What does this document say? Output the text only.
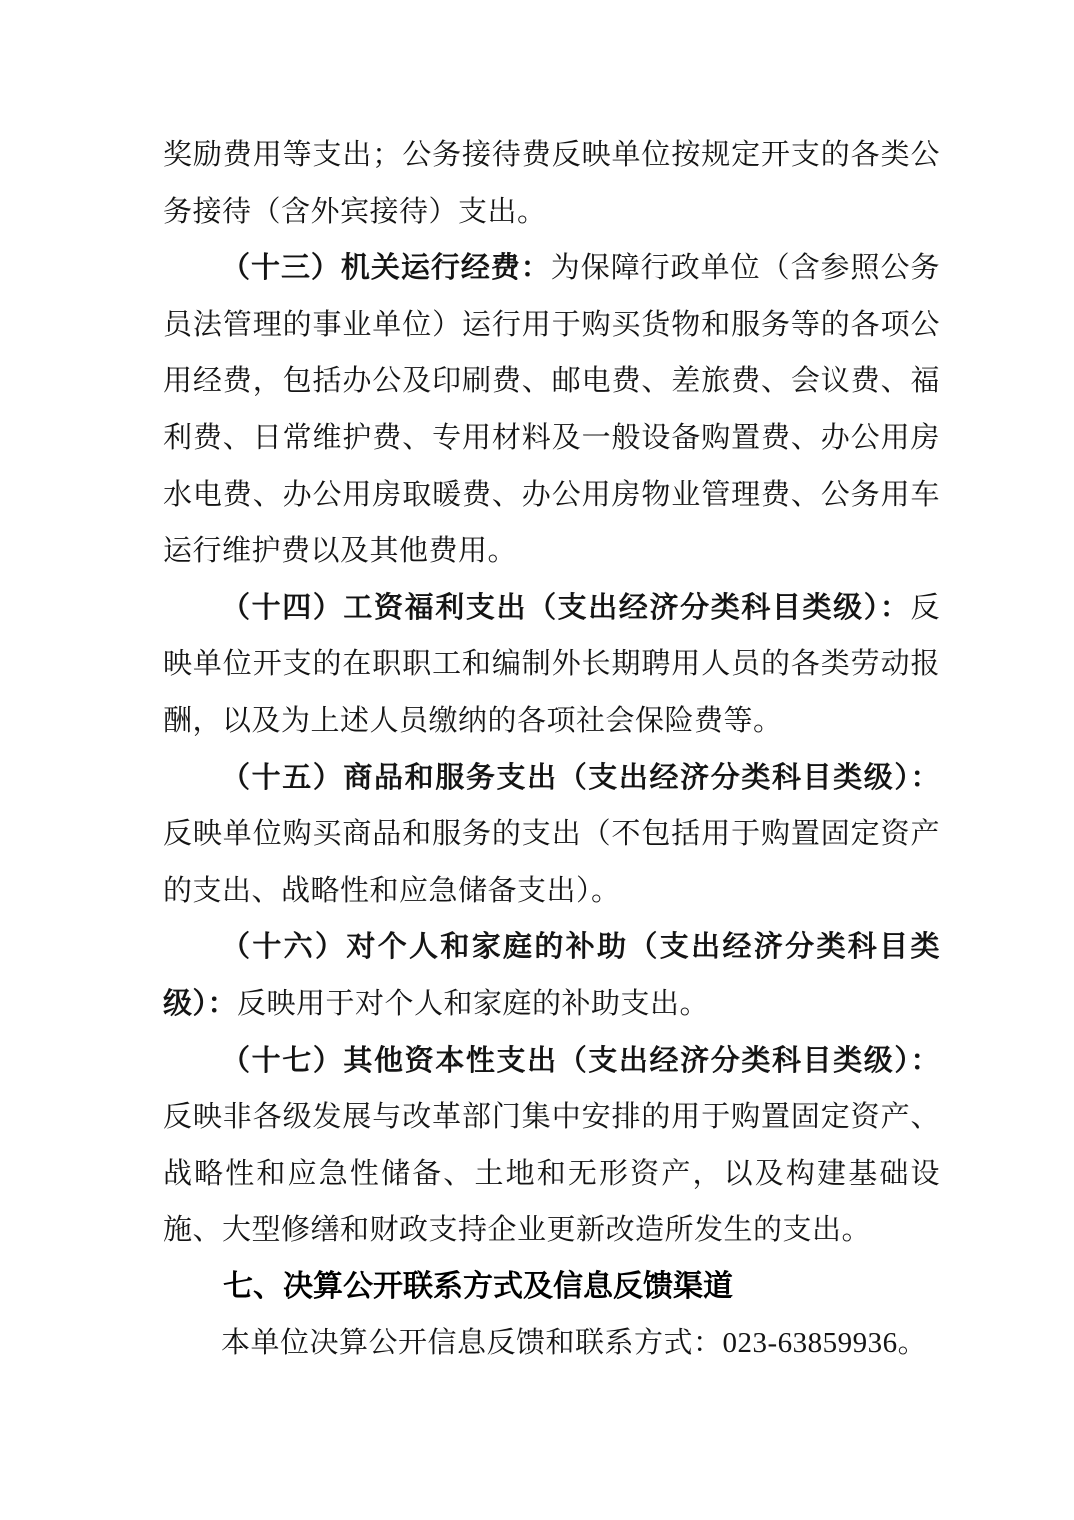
奖励费用等支出；公务接待费反映单位按规定开支的各类公务接待（含外宾接待）支出。

（十三）机关运行经费：为保障行政单位（含参照公务员法管理的事业单位）运行用于购买货物和服务等的各项公用经费，包括办公及印刷费、邮电费、差旅费、会议费、福利费、日常维护费、专用材料及一般设备购置费、办公用房水电费、办公用房取暖费、办公用房物业管理费、公务用车运行维护费以及其他费用。

（十四）工资福利支出（支出经济分类科目类级）：反映单位开支的在职职工和编制外长期聘用人员的各类劳动报酬，以及为上述人员缴纳的各项社会保险费等。

（十五）商品和服务支出（支出经济分类科目类级）：反映单位购买商品和服务的支出（不包括用于购置固定资产的支出、战略性和应急储备支出）。

（十六）对个人和家庭的补助（支出经济分类科目类级）：反映用于对个人和家庭的补助支出。

（十七）其他资本性支出（支出经济分类科目类级）：反映非各级发展与改革部门集中安排的用于购置固定资产、战略性和应急性储备、土地和无形资产，以及构建基础设施、大型修缮和财政支持企业更新改造所发生的支出。

七、决算公开联系方式及信息反馈渠道

本单位决算公开信息反馈和联系方式：023-63859936。
